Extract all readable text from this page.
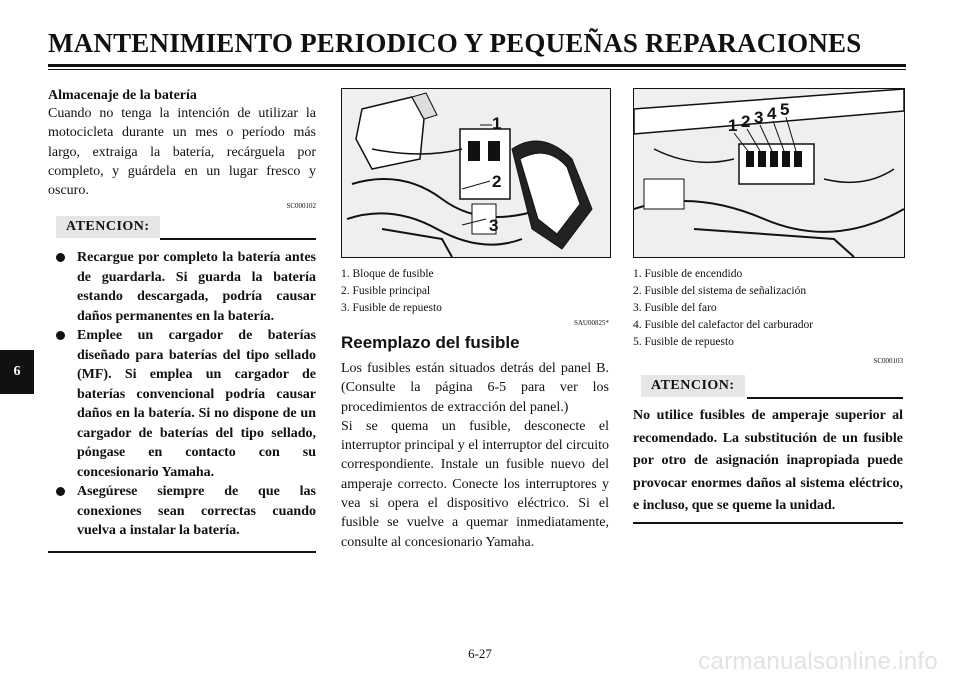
MANTENIMIENTO PERIODICO Y PEQUEÑAS REPARACIONES
6

Almacenaje de la batería

Cuando no tenga la intención de utilizar la motocicleta durante un mes o período más largo, extraiga la batería, recárguela por completo, y guárdela en un lugar fresco y oscuro.

SC000102

ATENCION:
Recargue por completo la batería antes de guardarla. Si guarda la batería estando descargada, podría causar daños permanentes en la batería.
Emplee un cargador de baterías diseñado para baterías del tipo sellado (MF). Si emplea un cargador de baterías convencional podría causar daños en la batería. Si no dispone de un cargador de baterías del tipo sellado, póngase en contacto con su concesionario Yamaha.
Asegúrese siempre de que las conexiones sean correctas cuando vuelva a instalar la batería.
1
2
3
1. Bloque de fusible
2. Fusible principal
3. Fusible de repuesto

SAU00825*

Reemplazo del fusible

Los fusibles están situados detrás del panel B. (Consulte la página 6-5 para ver los procedimientos de extracción del panel.)

Si se quema un fusible, desconecte el interruptor principal y el interruptor del circuito correspondiente. Instale un fusible nuevo del amperaje correcto. Conecte los interruptores y vea si opera el dispositivo eléctrico. Si el fusible se vuelve a quemar inmediatamente, consulte al concesionario Yamaha.

1 2 3 4 5
1. Fusible de encendido
2. Fusible del sistema de señalización
3. Fusible del faro
4. Fusible del calefactor del carburador
5. Fusible de repuesto

SC000103

ATENCION:

No utilice fusibles de amperaje superior al recomendado. La substitución de un fusible por otro de asignación inapropiada puede provocar enormes daños al sistema eléctrico, e incluso, que se queme la unidad.

6-27	carmanualsonline.info
